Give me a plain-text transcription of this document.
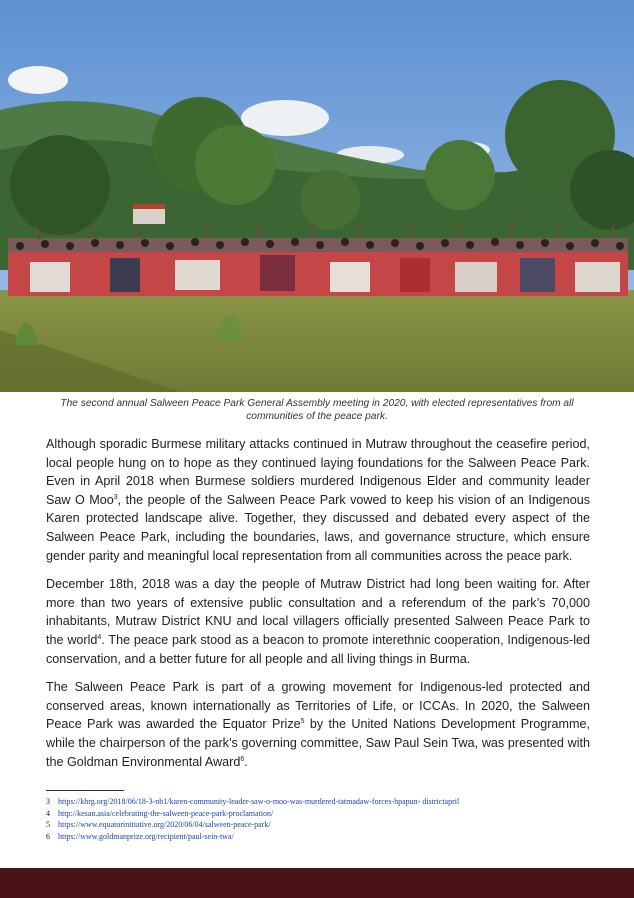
The second annual Salween Peace Park General Assembly meeting in 2020, with elected representatives from all communities of the peace park.

Although sporadic Burmese military attacks continued in Mutraw throughout the ceasefire period, local people hung on to hope as they continued laying foundations for the Salween Peace Park. Even in April 2018 when Burmese soldiers murdered Indigenous Elder and community leader Saw O Moo$^3$, the people of the Salween Peace Park vowed to keep his vision of an Indigenous Karen protected landscape alive. Together, they discussed and debated every aspect of the Salween Peace Park, including the boundaries, laws, and governance structure, which ensure gender parity and meaningful local representation from all communities across the peace park.

December 18th, 2018 was a day the people of Mutraw District had long been waiting for. After more than two years of extensive public consultation and a referendum of the park’s 70,000 inhabitants, Mutraw District KNU and local villagers officially presented Salween Peace Park to the world$^4$. The peace park stood as a beacon to promote interethnic cooperation, Indigenous-led conservation, and a better future for all people and all living things in Burma.

The Salween Peace Park is part of a growing movement for Indigenous-led protected and conserved areas, known internationally as Territories of Life, or ICCAs. In 2020, the Salween Peace Park was awarded the Equator Prize$^5$ by the United Nations Development Programme, while the chairperson of the park’s governing committee, Saw Paul Sein Twa, was presented with the Goldman Environmental Award$^6$.

3	https://khrg.org/2018/06/18-3-nb1/karen-community-leader-saw-o-moo-was-murdered-tatmadaw-forces-hpapun- districtapril
4	http://kesan.asia/celebrating-the-salween-peace-park-proclamation/
5	https://www.equatorinitiative.org/2020/06/04/salween-peace-park/
6	https://www.goldmanprize.org/recipient/paul-sein-twa/
